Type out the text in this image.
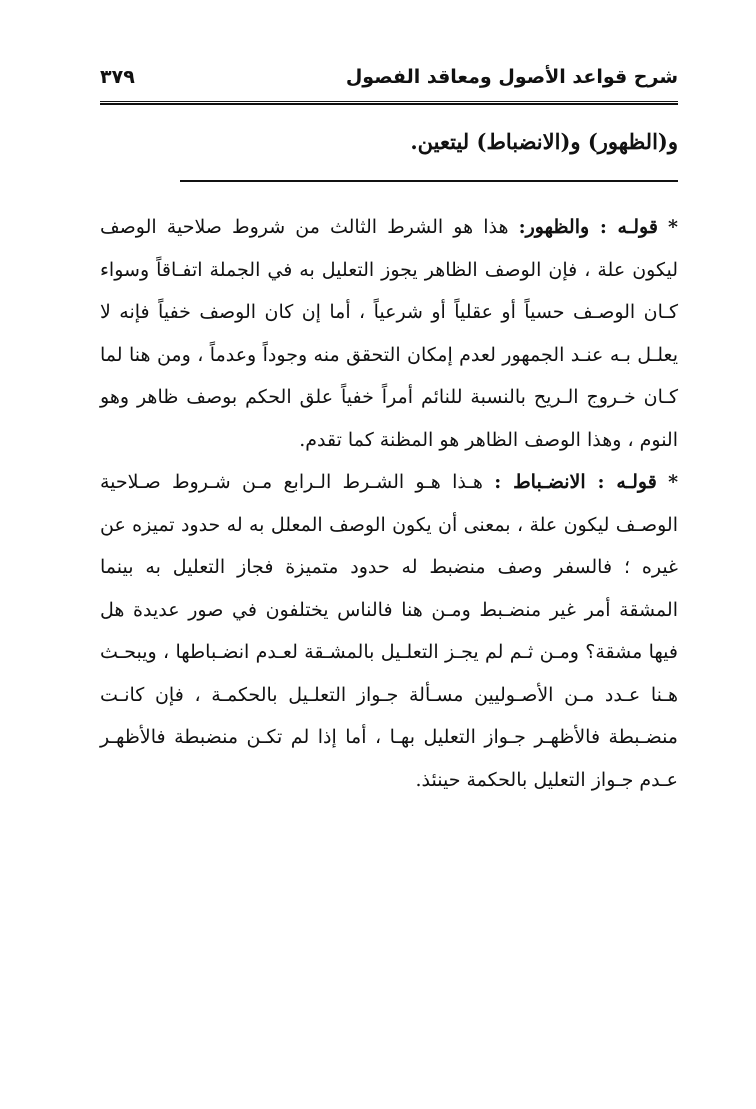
شرح قواعد الأصول ومعاقد الفصول
٣٧٩
و(الظهور) و(الانضباط) ليتعين.

* قولـه : والظهور: هذا هو الشرط الثالث من شروط صلاحية الوصف ليكون علة ، فإن الوصف الظاهر يجوز التعليل به في الجملة اتفـاقاً وسواء كـان الوصـف حسياً أو عقلياً أو شرعياً ، أما إن كان الوصف خفياً فإنه لا يعلـل بـه عنـد الجمهور لعدم إمكان التحقق منه وجوداً وعدماً ، ومن هنا لما كـان خـروج الـريح بالنسبة للنائم أمراً خفياً علق الحكم بوصف ظاهر وهو النوم ، وهذا الوصف الظاهر هو المظنة كما تقدم.

* قولـه : الانضـباط : هـذا هـو الشـرط الـرابع مـن شـروط صـلاحية الوصـف ليكون علة ، بمعنى أن يكون الوصف المعلل به له حدود تميزه عن غيره ؛ فالسفر وصف منضبط له حدود متميزة فجاز التعليل به بينما المشقة أمر غير منضـبط ومـن هنا فالناس يختلفون في صور عديدة هل فيها مشقة؟ ومـن ثـم لم يجـز التعلـيل بالمشـقة لعـدم انضـباطها ، ويبحـث هـنا عـدد مـن الأصـوليين مسـألة جـواز التعلـيل بالحكمـة ، فإن كانـت منضـبطة فالأظهـر جـواز التعليل بهـا ، أما إذا لم تكـن منضبطة فالأظهـر عـدم جـواز التعليل بالحكمة حينئذ.
